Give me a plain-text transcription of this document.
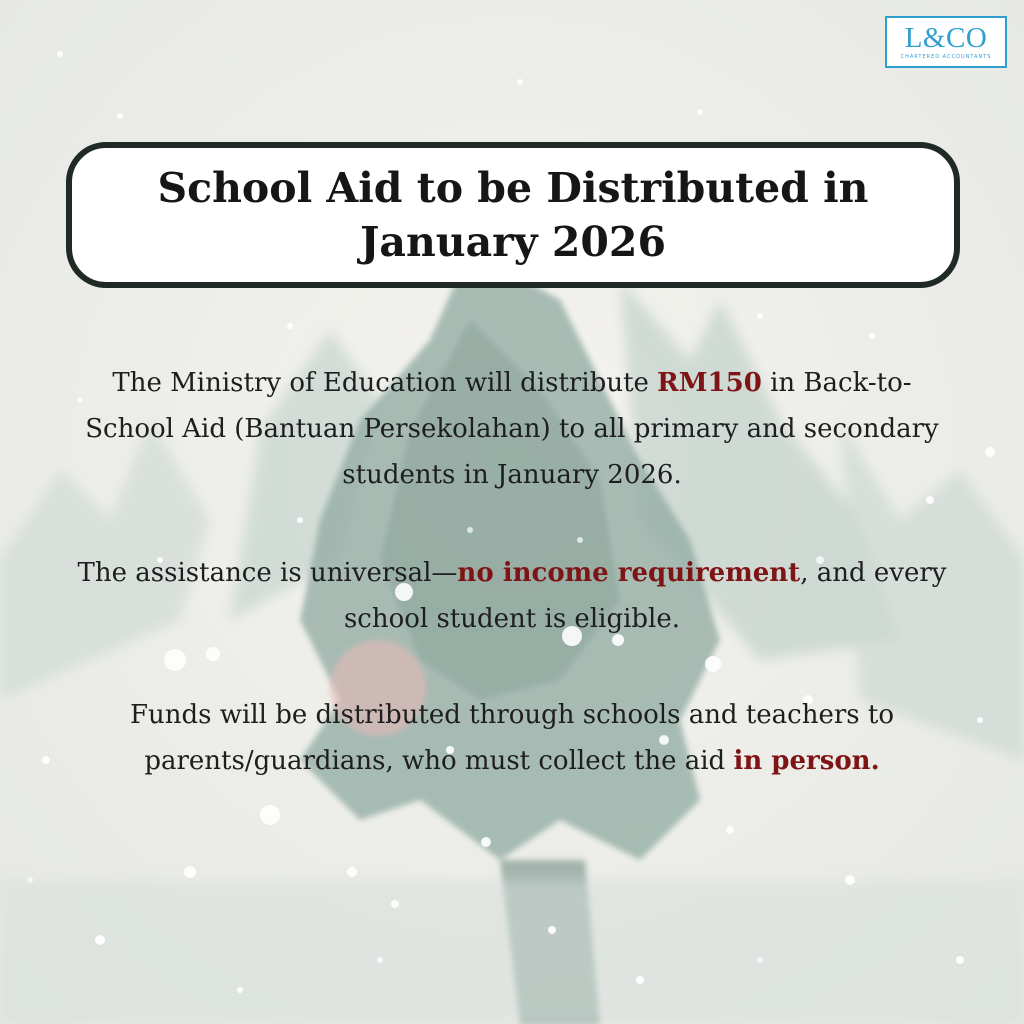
L&CO
CHARTERED ACCOUNTANTS
School Aid to be Distributed in
January 2026

The Ministry of Education will distribute RM150 in Back-to-School Aid (Bantuan Persekolahan) to all primary and secondary students in January 2026.

The assistance is universal—no income requirement, and every school student is eligible.

Funds will be distributed through schools and teachers to parents/guardians, who must collect the aid in person.
